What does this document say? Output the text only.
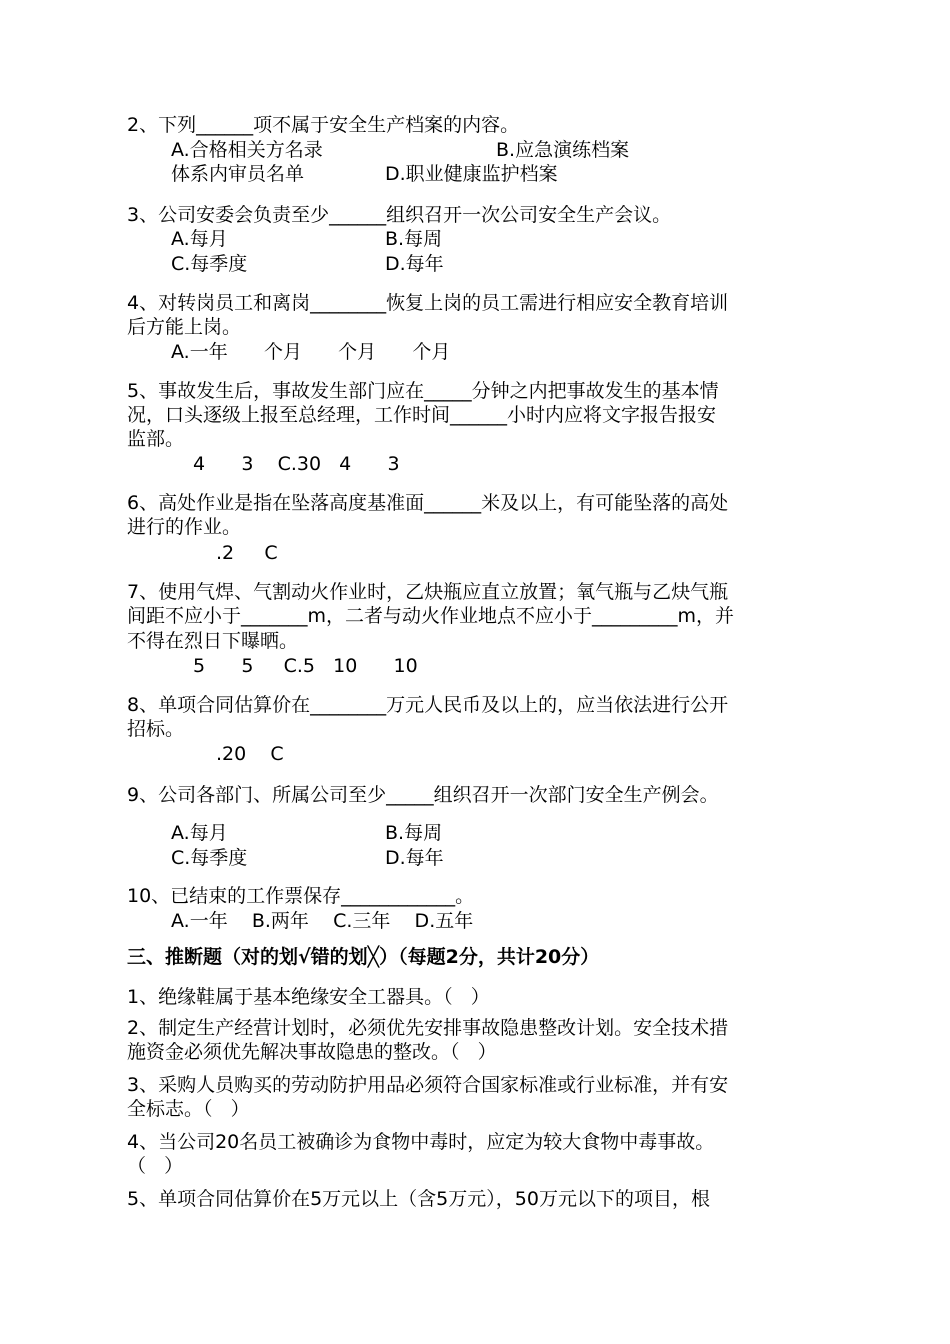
2、下列______项不属于安全生产档案的内容。
A.合格相关方名录	B.应急演练档案
体系内审员名单	D.职业健康监护档案
3、公司安委会负责至少______组织召开一次公司安全生产会议。
A.每月	B.每周
C.每季度	D.每年
4、对转岗员工和离岗________恢复上岗的员工需进行相应安全教育培训
后方能上岗。
A.一年      个月      个月      个月
5、事故发生后，事故发生部门应在_____分钟之内把事故发生的基本情
况，口头逐级上报至总经理，工作时间______小时内应将文字报告报安
监部。
4      3    C.30   4      3
6、高处作业是指在坠落高度基准面______米及以上，有可能坠落的高处
进行的作业。
.2     C
7、使用气焊、气割动火作业时，乙炔瓶应直立放置；氧气瓶与乙炔气瓶
间距不应小于_______m，二者与动火作业地点不应小于_________m，并
不得在烈日下曝晒。
5      5     C.5   10      10
8、单项合同估算价在________万元人民币及以上的，应当依法进行公开
招标。
.20    C
9、公司各部门、所属公司至少_____组织召开一次部门安全生产例会。
A.每月	B.每周
C.每季度	D.每年
10、已结束的工作票保存____________。
A.一年    B.两年    C.三年    D.五年
三、推断题（对的划√错的划╳）（每题2分，共计20分）
1、绝缘鞋属于基本绝缘安全工器具。（   ）
2、制定生产经营计划时，必须优先安排事故隐患整改计划。安全技术措
施资金必须优先解决事故隐患的整改。（   ）
3、采购人员购买的劳动防护用品必须符合国家标准或行业标准，并有安
全标志。（   ）
4、当公司20名员工被确诊为食物中毒时，应定为较大食物中毒事故。
（   ）
5、单项合同估算价在5万元以上（含5万元），50万元以下的项目，根
